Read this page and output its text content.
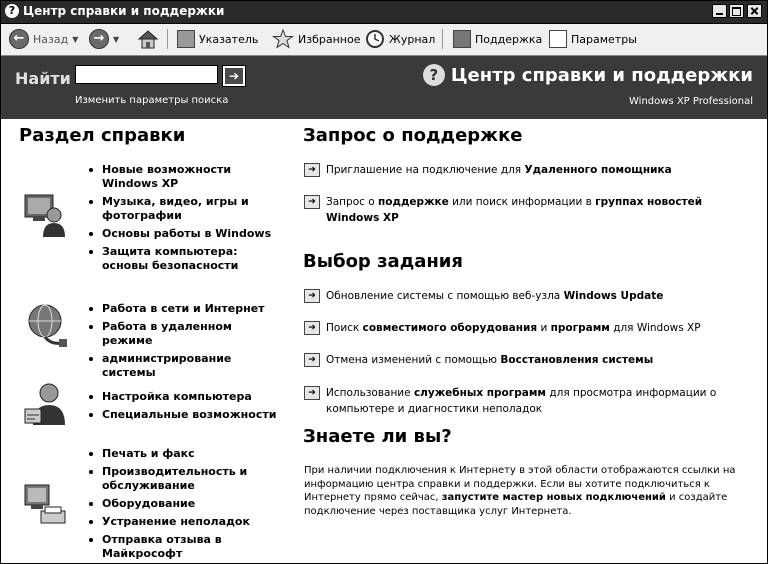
? Центр справки и поддержки
← Назад ▼	→	▼	Указатель	Избранное	Журнал	Поддержка	Параметры
Найти	➔
Изменить параметры поиска
? Центр справки и поддержки
Windows XP Professional
Раздел справки
Новые возможности Windows XP
Музыка, видео, игры и фотографии
Основы работы в Windows
Защита компьютера: основы безопасности
Работа в сети и Интернет
Работа в удаленном режиме
администрирование системы
Настройка компьютера
Специальные возможности
Печать и факс
Производительность и обслуживание
Оборудование
Устранение неполадок
Отправка отзыва в Майкрософт
Запрос о поддержке
➔ Приглашение на подключение для Удаленного помощника
➔ Запрос о поддержке или поиск информации в группах новостей Windows XP
Выбор задания
➔ Обновление системы с помощью веб-узла Windows Update
➔ Поиск совместимого оборудования и программ для Windows XP
➔ Отмена изменений с помощью Восстановления системы
➔ Использование служебных программ для просмотра информации о компьютере и диагностики неполадок
Знаете ли вы?
При наличии подключения к Интернету в этой области отображаются ссылки на информацию центра справки и поддержки. Если вы хотите подключиться к Интернету прямо сейчас, запустите мастер новых подключений и создайте подключение через поставщика услуг Интернета.
